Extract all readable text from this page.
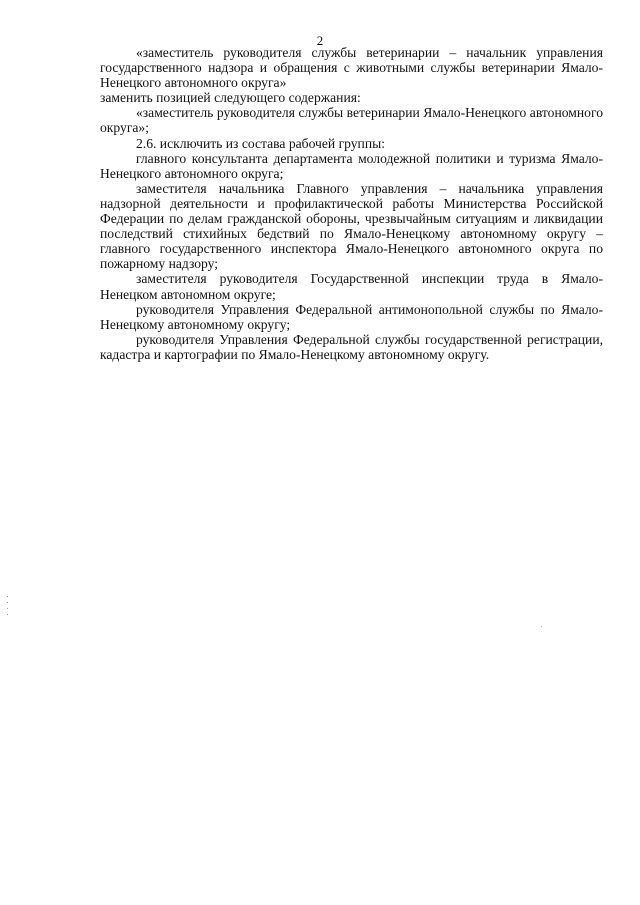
2

«заместитель руководителя службы ветеринарии – начальник управления государственного надзора и обращения с животными службы ветеринарии Ямало-Ненецкого автономного округа»

заменить позицией следующего содержания:

«заместитель руководителя службы ветеринарии Ямало-Ненецкого автономного округа»;

2.6. исключить из состава рабочей группы:

главного консультанта департамента молодежной политики и туризма Ямало-Ненецкого автономного округа;

заместителя начальника Главного управления – начальника управления надзорной деятельности и профилактической работы Министерства Российской Федерации по делам гражданской обороны, чрезвычайным ситуациям и ликвидации последствий стихийных бедствий по Ямало-Ненецкому автономному округу – главного государственного инспектора Ямало-Ненецкого автономного округа по пожарному надзору;

заместителя руководителя Государственной инспекции труда в Ямало-Ненецком автономном округе;

руководителя Управления Федеральной антимонопольной службы по Ямало-Ненецкому автономному округу;

руководителя Управления Федеральной службы государственной регистрации, кадастра и картографии по Ямало-Ненецкому автономному округу.
